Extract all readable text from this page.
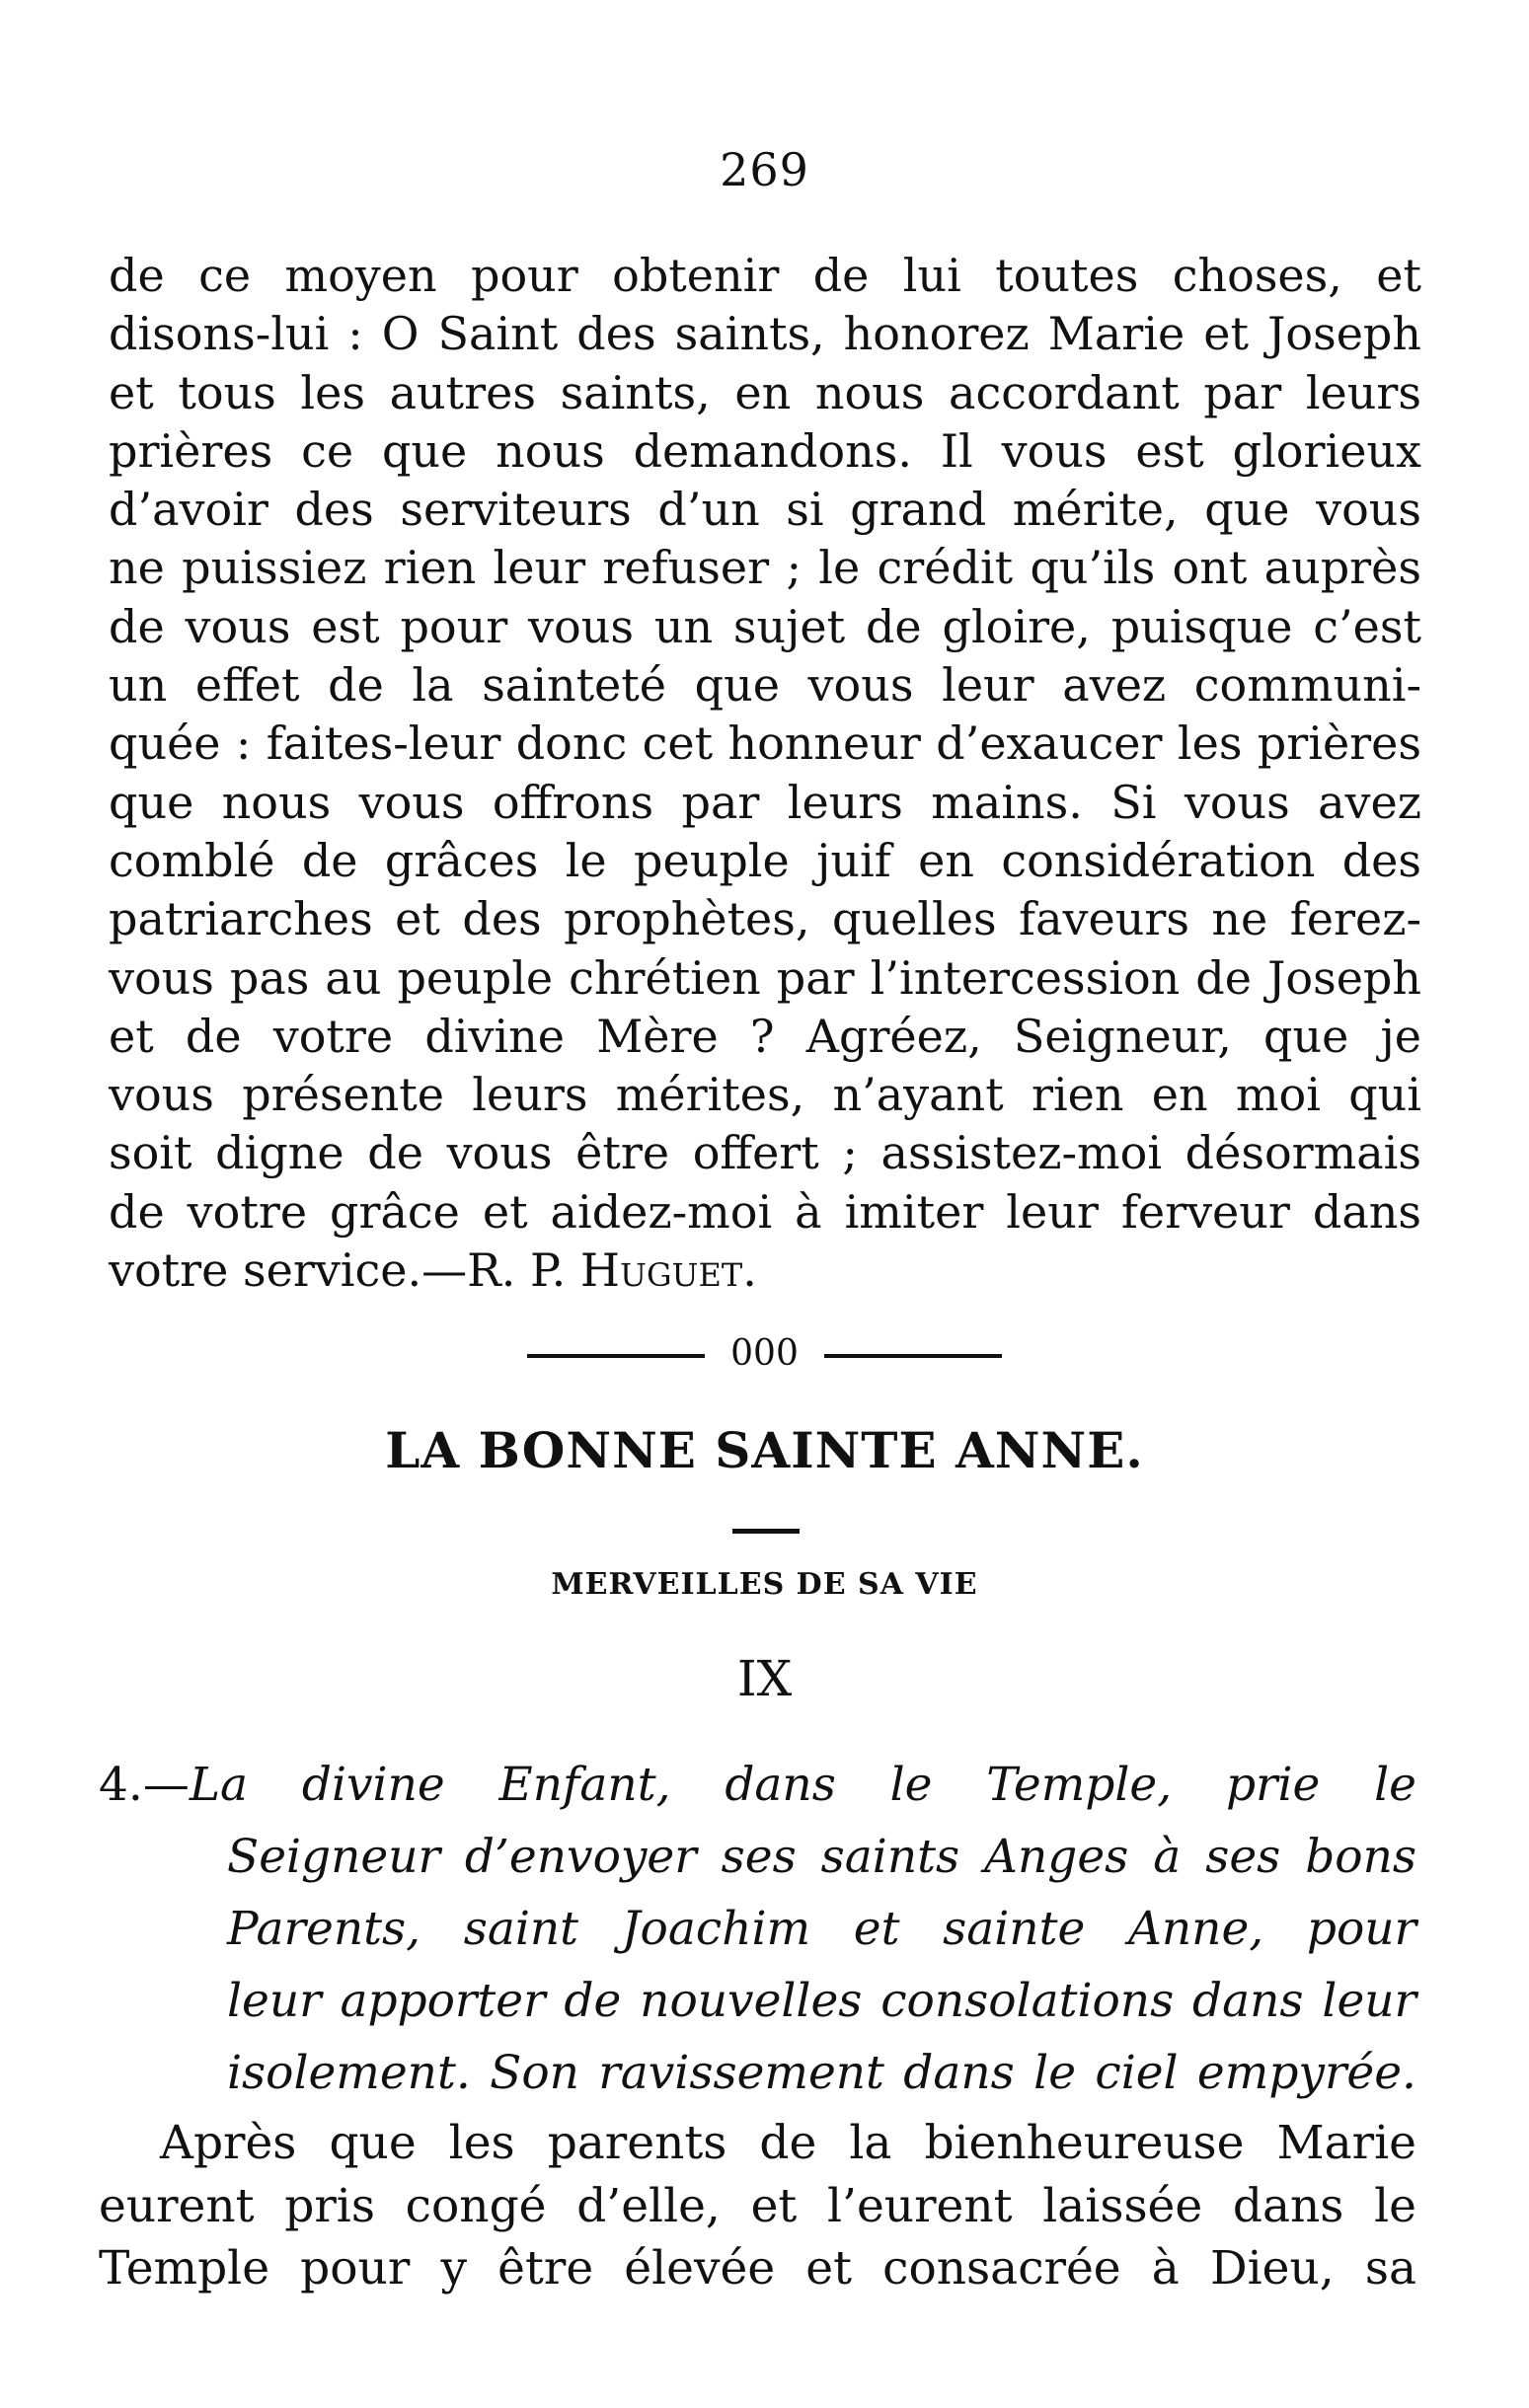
269
de ce moyen pour obtenir de lui toutes choses, et
disons-lui : O Saint des saints, honorez Marie et Joseph
et tous les autres saints, en nous accordant par leurs
prières ce que nous demandons. Il vous est glorieux
d’avoir des serviteurs d’un si grand mérite, que vous
ne puissiez rien leur refuser ; le crédit qu’ils ont auprès
de vous est pour vous un sujet de gloire, puisque c’est
un effet de la sainteté que vous leur avez communi-
quée : faites-leur donc cet honneur d’exaucer les prières
que nous vous offrons par leurs mains. Si vous avez
comblé de grâces le peuple juif en considération des
patriarches et des prophètes, quelles faveurs ne ferez-
vous pas au peuple chrétien par l’intercession de Joseph
et de votre divine Mère ? Agréez, Seigneur, que je
vous présente leurs mérites, n’ayant rien en moi qui
soit digne de vous être offert ; assistez-moi désormais
de votre grâce et aidez-moi à imiter leur ferveur dans
votre service.—R. P. Huguet.
000
LA BONNE SAINTE ANNE.
MERVEILLES DE SA VIE
IX
4.—La divine Enfant, dans le Temple, prie le
Seigneur d’envoyer ses saints Anges à ses bons
Parents, saint Joachim et sainte Anne, pour
leur apporter de nouvelles consolations dans leur
isolement. Son ravissement dans le ciel empyrée.
Après que les parents de la bienheureuse Marie
eurent pris congé d’elle, et l’eurent laissée dans le
Temple pour y être élevée et consacrée à Dieu, sa
